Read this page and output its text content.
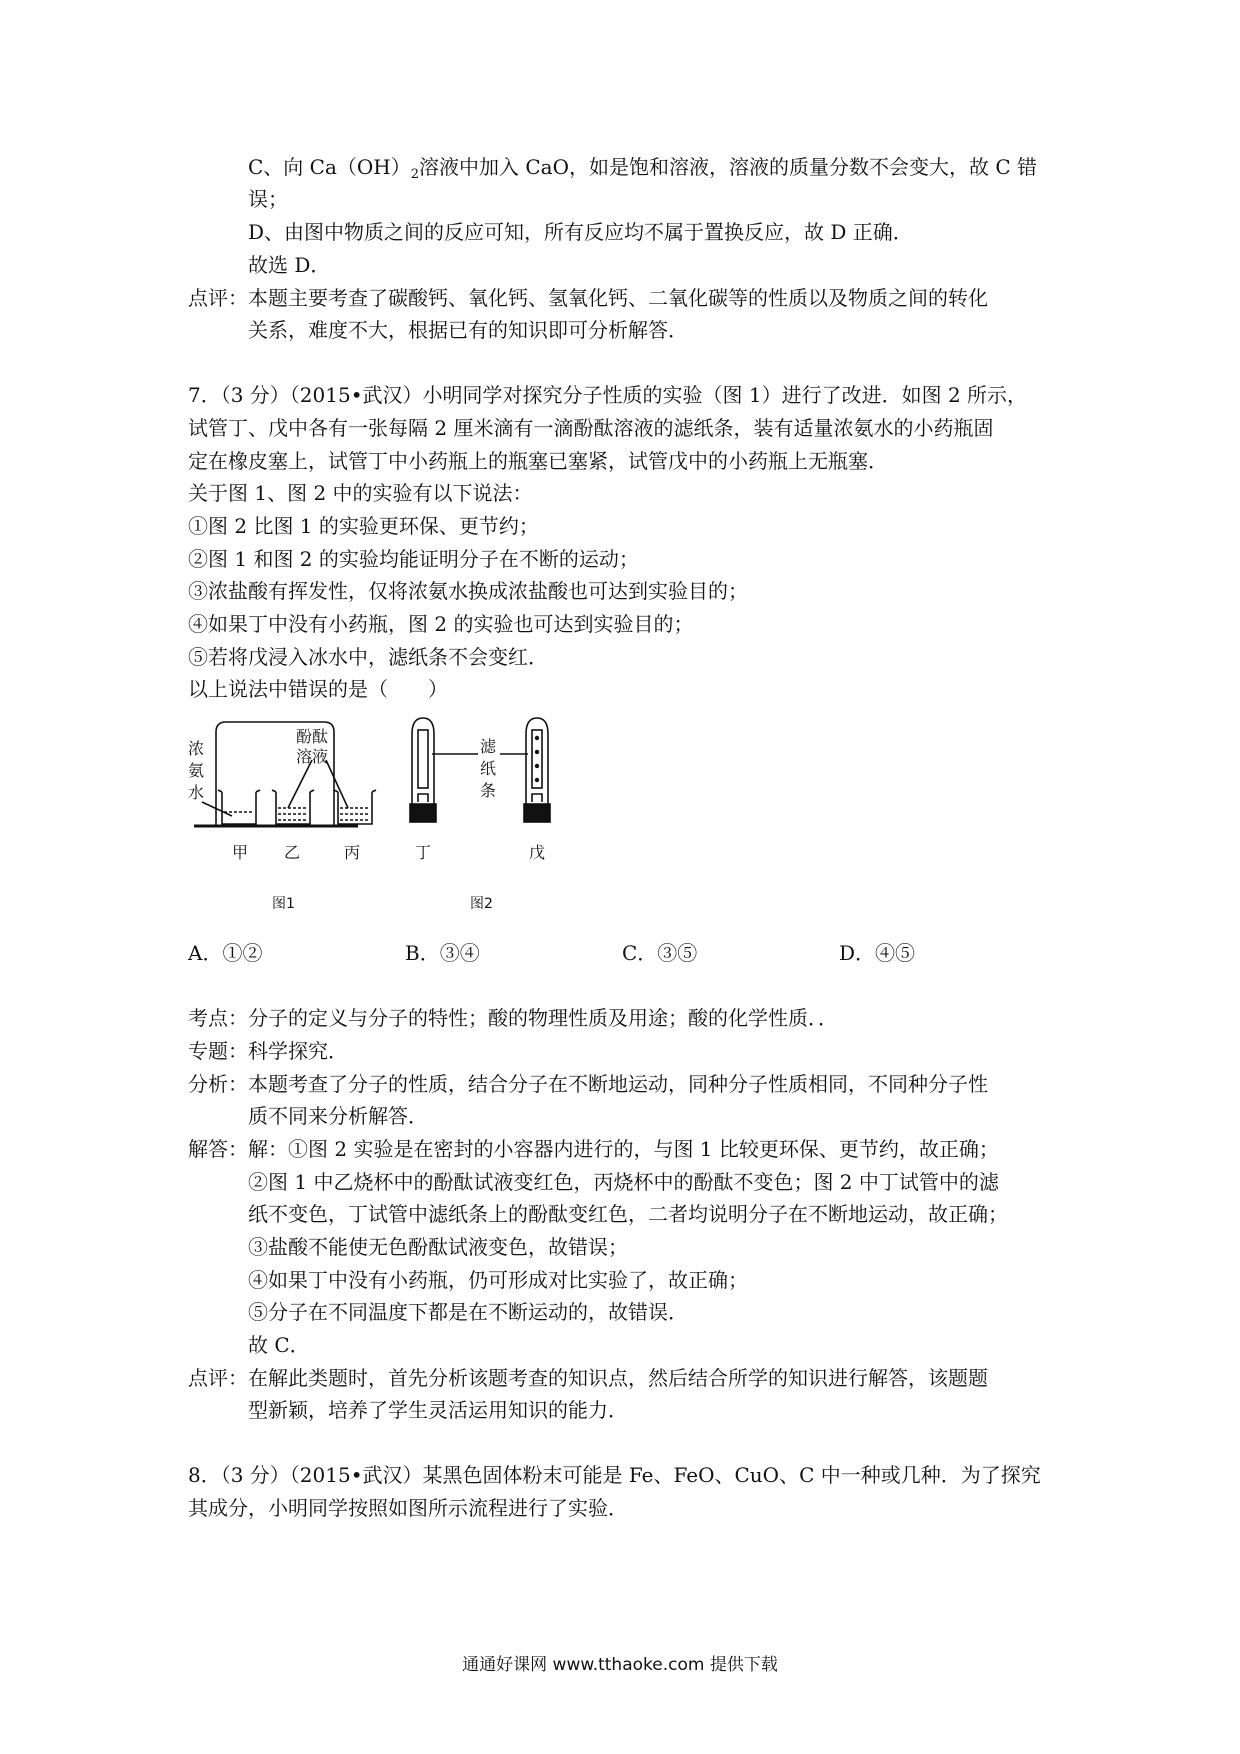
C、向 $Ca(OH)_2$溶液中加入 CaO，如是饱和溶液，溶液的质量分数不会变大，故 C 错
误；
D、由图中物质之间的反应可知，所有反应均不属于置换反应，故 D 正确．
故选 D．
点评：本题主要考查了碳酸钙、氧化钙、氢氧化钙、二氧化碳等的性质以及物质之间的转化
关系，难度不大，根据已有的知识即可分析解答．
7．（3 分）（2015•武汉）小明同学对探究分子性质的实验（图 1）进行了改进．如图 2 所示，
试管丁、戊中各有一张每隔 2 厘米滴有一滴酚酞溶液的滤纸条，装有适量浓氨水的小药瓶固
定在橡皮塞上，试管丁中小药瓶上的瓶塞已塞紧，试管戊中的小药瓶上无瓶塞．
关于图 1、图 2 中的实验有以下说法：
①图 2 比图 1 的实验更环保、更节约；
②图 1 和图 2 的实验均能证明分子在不断的运动；
③浓盐酸有挥发性，仅将浓氨水换成浓盐酸也可达到实验目的；
④如果丁中没有小药瓶，图 2 的实验也可达到实验目的；
⑤若将戊浸入冰水中，滤纸条不会变红．
以上说法中错误的是（　　）
浓
氨
水
酚酞
溶液
甲 乙	丙
滤
纸
条
丁	戊
图1	图2
A．①②	B．③④	C．③⑤	D．④⑤
考点：分子的定义与分子的特性；酸的物理性质及用途；酸的化学性质．．
专题：科学探究．
分析：本题考查了分子的性质，结合分子在不断地运动，同种分子性质相同，不同种分子性
质不同来分析解答．
解答：解：①图 2 实验是在密封的小容器内进行的，与图 1 比较更环保、更节约，故正确；
②图 1 中乙烧杯中的酚酞试液变红色，丙烧杯中的酚酞不变色；图 2 中丁试管中的滤
纸不变色，丁试管中滤纸条上的酚酞变红色，二者均说明分子在不断地运动，故正确；
③盐酸不能使无色酚酞试液变色，故错误；
④如果丁中没有小药瓶，仍可形成对比实验了，故正确；
⑤分子在不同温度下都是在不断运动的，故错误．
故 C．
点评：在解此类题时，首先分析该题考查的知识点，然后结合所学的知识进行解答，该题题
型新颖，培养了学生灵活运用知识的能力．
8．（3 分）（2015•武汉）某黑色固体粉末可能是 Fe、FeO、CuO、C 中一种或几种．为了探究
其成分，小明同学按照如图所示流程进行了实验．
通通好课网 www.tthaoke.com 提供下载
